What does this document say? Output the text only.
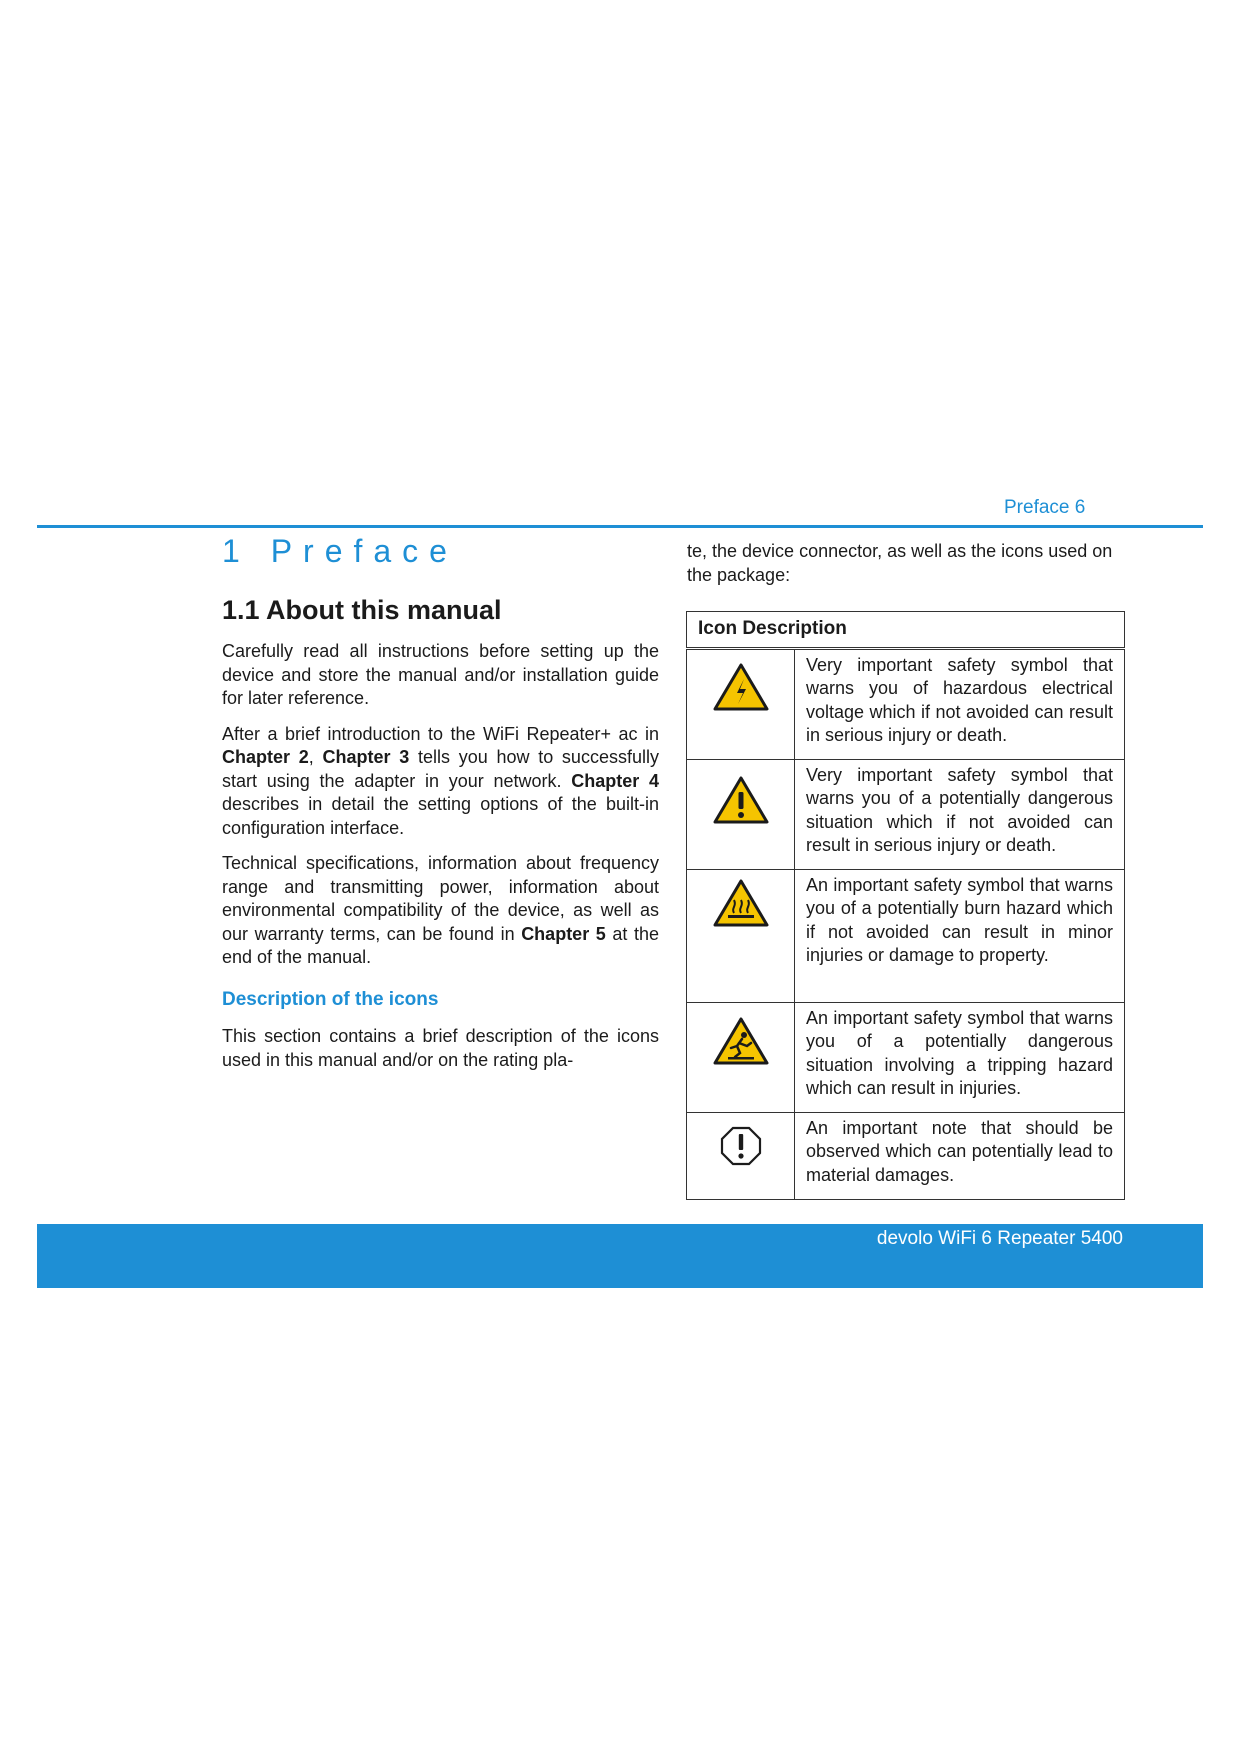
Preface 6
1 Preface
1.1 About this manual

Carefully read all instructions before setting up the device and store the manual and/or installation guide for later reference.

After a brief introduction to the WiFi Repeater+ ac in Chapter 2, Chapter 3 tells you how to successfully start using the adapter in your network. Chapter 4 describes in detail the setting options of the built-in configuration interface.

Technical specifications, information about frequency range and transmitting power, information about environmental compatibility of the device, as well as our warranty terms, can be found in Chapter 5 at the end of the manual.

Description of the icons

This section contains a brief description of the icons used in this manual and/or on the rating pla-

te, the device connector, as well as the icons used on the package:

Icon Description	

	Very important safety symbol that warns you of hazardous electrical voltage which if not avoided can result in serious injury or death.

	Very important safety symbol that warns you of a potentially dangerous situation which if not avoided can result in serious injury or death.

	An important safety symbol that warns you of a potentially burn hazard which if not avoided can result in minor injuries or damage to property.

	An important safety symbol that warns you of a potentially dangerous situation involving a tripping hazard which can result in injuries.

	An important note that should be observed which can potentially lead to material damages.
devolo WiFi 6 Repeater 5400
